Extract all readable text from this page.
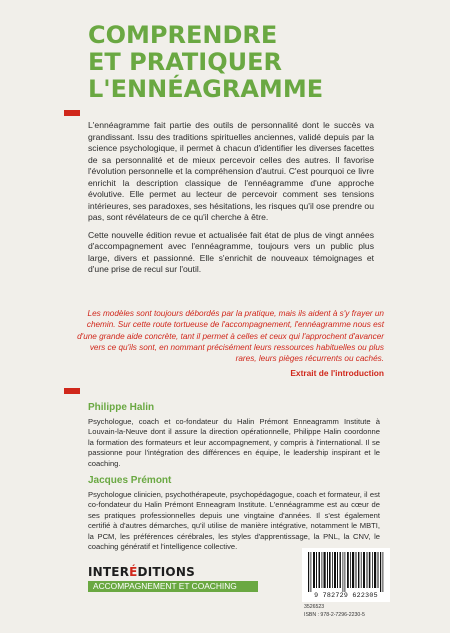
COMPRENDRE
ET PRATIQUER
L'ENNÉAGRAMME

L'ennéagramme fait partie des outils de personnalité dont le succès va grandissant. Issu des traditions spirituelles anciennes, validé depuis par la science psychologique, il permet à chacun d'identifier les diverses facettes de sa personnalité et de mieux percevoir celles des autres. Il favorise l'évolution personnelle et la compréhension d'autrui. C'est pourquoi ce livre enrichit la description classique de l'ennéagramme d'une approche évolutive. Elle permet au lecteur de percevoir comment ses tensions intérieures, ses paradoxes, ses hésitations, les risques qu'il ose prendre ou pas, sont révélateurs de ce qu'il cherche à être.

Cette nouvelle édition revue et actualisée fait état de plus de vingt années d'accompagnement avec l'ennéagramme, toujours vers un public plus large, divers et passionné. Elle s'enrichit de nouveaux témoignages et d'une prise de recul sur l'outil.

Les modèles sont toujours débordés par la pratique, mais ils aident à s'y frayer un chemin. Sur cette route tortueuse de l'accompagnement, l'ennéagramme nous est d'une grande aide concrète, tant il permet à celles et ceux qui l'approchent d'avancer vers ce qu'ils sont, en nommant précisément leurs ressources habituelles ou plus rares, leurs pièges récurrents ou cachés.
Extrait de l'introduction
Philippe Halin
Psychologue, coach et co-fondateur du Halin Prémont Enneagramm Institute à Louvain-la-Neuve dont il assure la direction opérationnelle, Philippe Halin coordonne la formation des formateurs et leur accompagnement, y compris à l'international. Il se passionne pour l'intégration des différences en équipe, le leadership inspirant et le coaching.
Jacques Prémont
Psychologue clinicien, psychothérapeute, psychopédagogue, coach et formateur, il est co-fondateur du Halin Prémont Enneagram Institute. L'ennéagramme est au cœur de ses pratiques professionnelles depuis une vingtaine d'années. Il s'est également certifié à d'autres démarches, qu'il utilise de manière intégrative, notamment le MBTI, la PCM, les préférences cérébrales, les styles d'apprentissage, la PNL, la CNV, le coaching génératif et l'intelligence collective.
INTERÉDITIONS
ACCOMPAGNEMENT ET COACHING
9 782729 622305
3526523
ISBN : 978-2-7296-2230-5
